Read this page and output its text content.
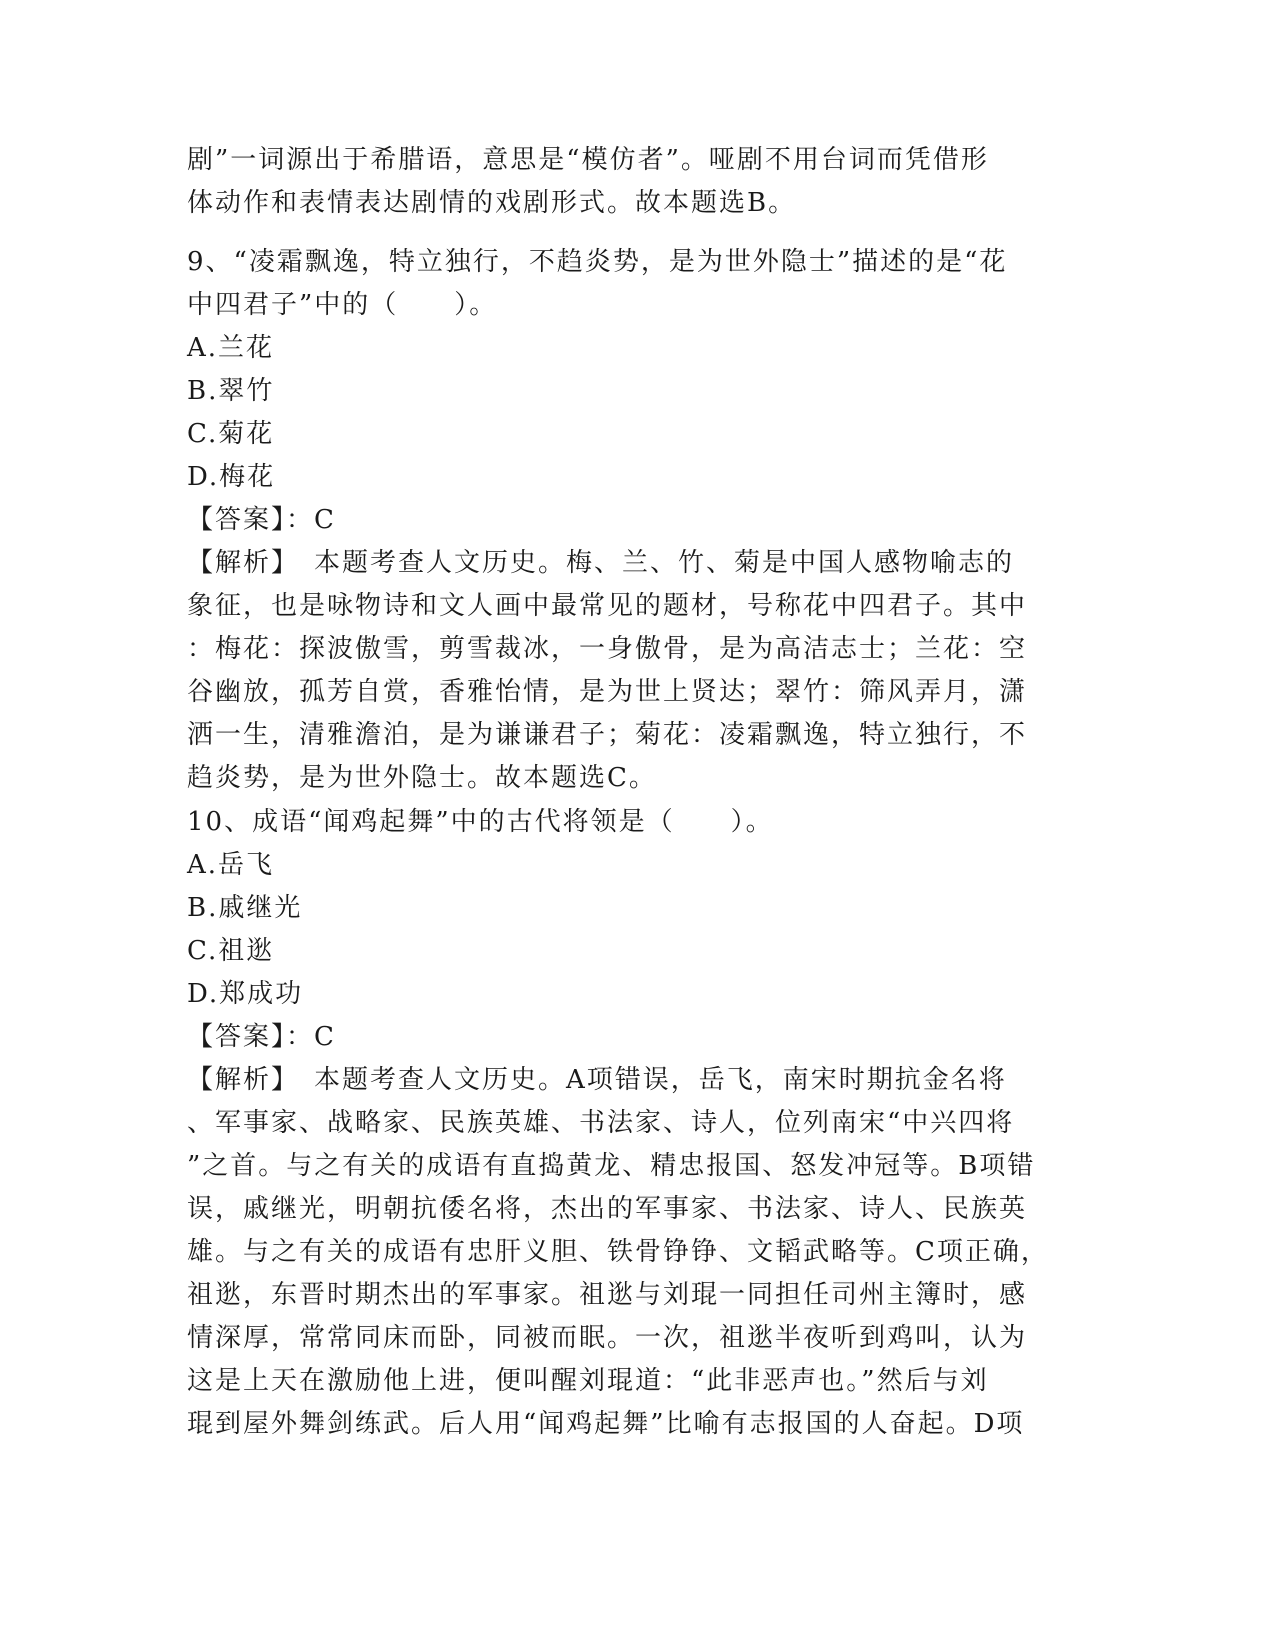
剧”一词源出于希腊语，意思是“模仿者”。哑剧不用台词而凭借形
体动作和表情表达剧情的戏剧形式。故本题选B。
9、“凌霜飘逸，特立独行，不趋炎势，是为世外隐士”描述的是“花
中四君子”中的（　　）。
A.兰花
B.翠竹
C.菊花
D.梅花
【答案】：C
【解析】　本题考查人文历史。梅、兰、竹、菊是中国人感物喻志的
象征，也是咏物诗和文人画中最常见的题材，号称花中四君子。其中
：梅花：探波傲雪，剪雪裁冰，一身傲骨，是为高洁志士；兰花：空
谷幽放，孤芳自赏，香雅怡情，是为世上贤达；翠竹：筛风弄月，潇
洒一生，清雅澹泊，是为谦谦君子；菊花：凌霜飘逸，特立独行，不
趋炎势，是为世外隐士。故本题选C。
10、成语“闻鸡起舞”中的古代将领是（　　）。
A.岳飞
B.戚继光
C.祖逖
D.郑成功
【答案】：C
【解析】　本题考查人文历史。A项错误，岳飞，南宋时期抗金名将
、军事家、战略家、民族英雄、书法家、诗人，位列南宋“中兴四将
”之首。与之有关的成语有直捣黄龙、精忠报国、怒发冲冠等。B项错
误，戚继光，明朝抗倭名将，杰出的军事家、书法家、诗人、民族英
雄。与之有关的成语有忠肝义胆、铁骨铮铮、文韬武略等。C项正确，
祖逖，东晋时期杰出的军事家。祖逖与刘琨一同担任司州主簿时，感
情深厚，常常同床而卧，同被而眠。一次，祖逖半夜听到鸡叫，认为
这是上天在激励他上进，便叫醒刘琨道：“此非恶声也。”然后与刘
琨到屋外舞剑练武。后人用“闻鸡起舞”比喻有志报国的人奋起。D项
